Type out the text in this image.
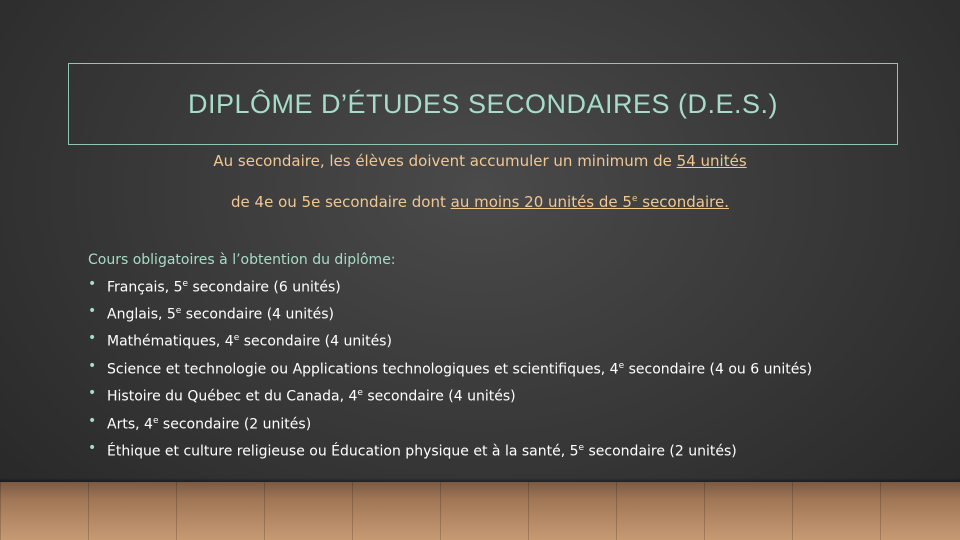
DIPLÔME D’ÉTUDES SECONDAIRES (D.E.S.)
Au secondaire, les élèves doivent accumuler un minimum de 54 unités
de 4e ou 5e secondaire dont au moins 20 unités de 5e secondaire.
Cours obligatoires à l’obtention du diplôme:
• Français, 5e secondaire (6 unités)
• Anglais, 5e secondaire (4 unités)
• Mathématiques, 4e secondaire (4 unités)
• Science et technologie ou Applications technologiques et scientifiques, 4e secondaire (4 ou 6 unités)
• Histoire du Québec et du Canada, 4e secondaire (4 unités)
• Arts, 4e secondaire (2 unités)
• Éthique et culture religieuse ou Éducation physique et à la santé, 5e secondaire (2 unités)
